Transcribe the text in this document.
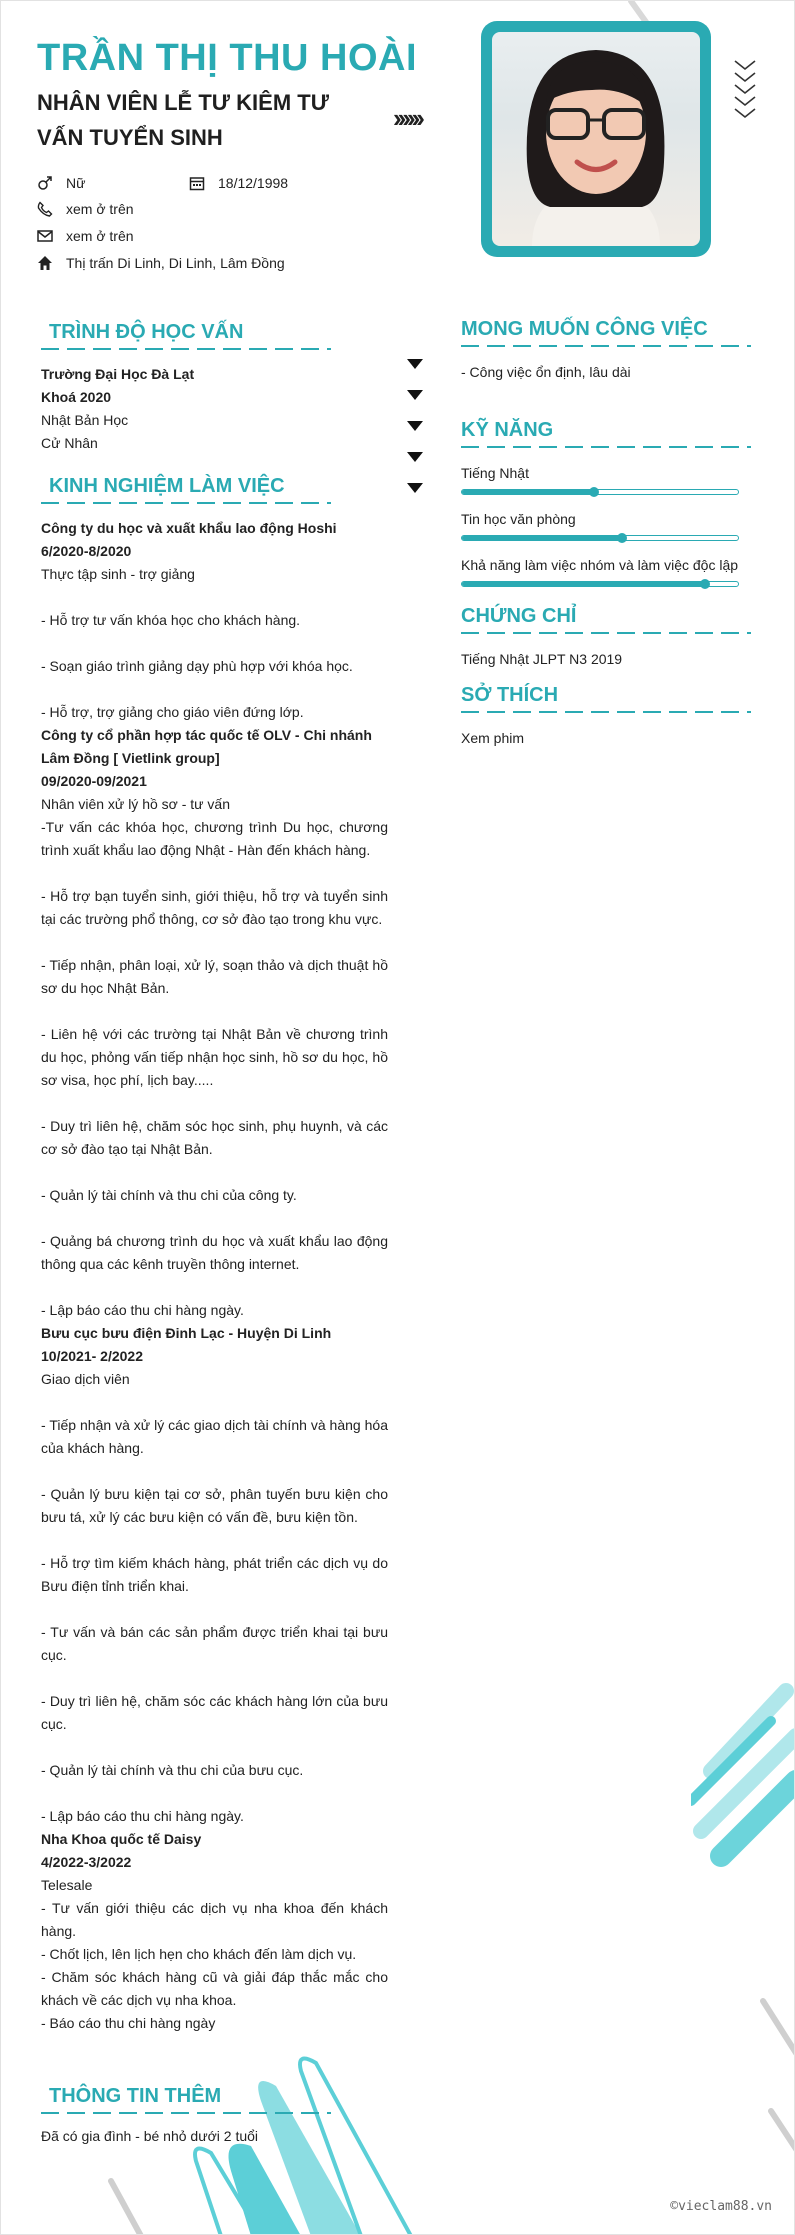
TRẦN THỊ THU HOÀI
NHÂN VIÊN LỄ TƯ KIÊM TƯ VẤN TUYỂN SINH
››››››
Nữ	18/12/1998
xem ở trên
xem ở trên
Thị trấn Di Linh, Di Linh, Lâm Đồng
TRÌNH ĐỘ HỌC VẤN
Trường Đại Học Đà Lạt
Khoá 2020
Nhật Bản Học
Cử Nhân
KINH NGHIỆM LÀM VIỆC
Công ty du học và xuất khẩu lao động Hoshi
6/2020-8/2020
Thực tập sinh - trợ giảng

- Hỗ trợ tư vấn khóa học cho khách hàng.

- Soạn giáo trình giảng dạy phù hợp với khóa học.

- Hỗ trợ, trợ giảng cho giáo viên đứng lớp.
Công ty cổ phần hợp tác quốc tế OLV - Chi nhánh Lâm Đồng [ Vietlink group]
09/2020-09/2021
Nhân viên xử lý hồ sơ - tư vấn
-Tư vấn các khóa học, chương trình Du học, chương trình xuất khẩu lao động Nhật - Hàn đến khách hàng.

- Hỗ trợ bạn tuyển sinh, giới thiệu, hỗ trợ và tuyển sinh tại các trường phổ thông, cơ sở đào tạo trong khu vực.

- Tiếp nhận, phân loại, xử lý, soạn thảo và dịch thuật hồ sơ du học Nhật Bản.

- Liên hệ với các trường tại Nhật Bản về chương trình du học, phỏng vấn tiếp nhận học sinh, hồ sơ du học, hồ sơ visa, học phí, lịch bay.....

- Duy trì liên hệ, chăm sóc học sinh, phụ huynh, và các cơ sở đào tạo tại Nhật Bản.

- Quản lý tài chính và thu chi của công ty.

- Quảng bá chương trình du học và xuất khẩu lao động thông qua các kênh truyền thông internet.

- Lập báo cáo thu chi hàng ngày.
Bưu cục bưu điện Đinh Lạc - Huyện Di Linh
10/2021- 2/2022
Giao dịch viên

- Tiếp nhận và xử lý các giao dịch tài chính và hàng hóa của khách hàng.

- Quản lý bưu kiện tại cơ sở, phân tuyến bưu kiện cho bưu tá, xử lý các bưu kiện có vấn đề, bưu kiện tồn.

- Hỗ trợ tìm kiếm khách hàng, phát triển các dịch vụ do Bưu điện tỉnh triển khai.

- Tư vấn và bán các sản phẩm được triển khai tại bưu cục.

- Duy trì liên hệ, chăm sóc các khách hàng lớn của bưu cục.

- Quản lý tài chính và thu chi của bưu cục.

- Lập báo cáo thu chi hàng ngày.
Nha Khoa quốc tế Daisy
4/2022-3/2022
Telesale
- Tư vấn giới thiệu các dịch vụ nha khoa đến khách hàng.
- Chốt lịch, lên lịch hẹn cho khách đến làm dịch vụ.
- Chăm sóc khách hàng cũ và giải đáp thắc mắc cho khách về các dịch vụ nha khoa.
- Báo cáo thu chi hàng ngày
THÔNG TIN THÊM
Đã có gia đình - bé nhỏ dưới 2 tuổi
MONG MUỐN CÔNG VIỆC
- Công việc ổn định, lâu dài
KỸ NĂNG
Tiếng Nhật
Tin học văn phòng
Khả năng làm việc nhóm và làm việc độc lập
CHỨNG CHỈ
Tiếng Nhật JLPT N3 2019
SỞ THÍCH
Xem phim
©vieclam88.vn
